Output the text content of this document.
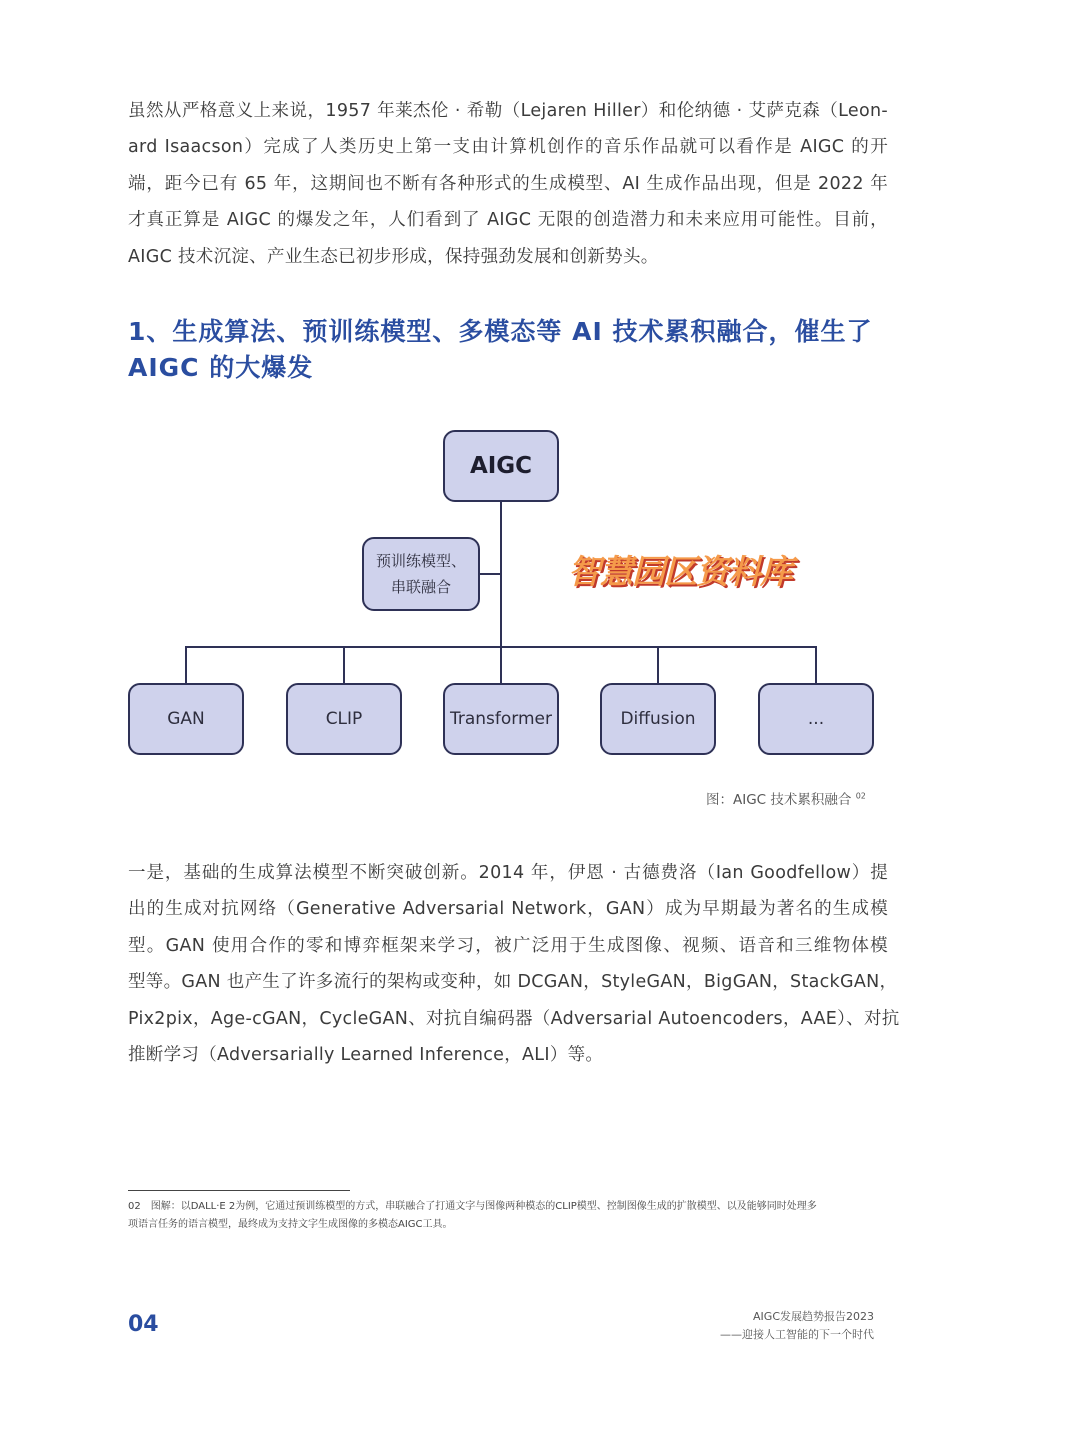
虽然从严格意义上来说，1957 年莱杰伦 · 希勒（Lejaren Hiller）和伦纳德 · 艾萨克森（Leon-
ard Isaacson）完成了人类历史上第一支由计算机创作的音乐作品就可以看作是 AIGC 的开
端，距今已有 65 年，这期间也不断有各种形式的生成模型、AI 生成作品出现，但是 2022 年
才真正算是 AIGC 的爆发之年，人们看到了 AIGC 无限的创造潜力和未来应用可能性。目前，
AIGC 技术沉淀、产业生态已初步形成，保持强劲发展和创新势头。
1、生成算法、预训练模型、多模态等 AI 技术累积融合，催生了
AIGC 的大爆发
AIGC
预训练模型、
串联融合
GAN	CLIP	Transformer	Diffusion	...
智慧园区资料库
图：AIGC 技术累积融合 $^{02}$
一是，基础的生成算法模型不断突破创新。2014 年，伊恩 · 古德费洛（Ian Goodfellow）提
出的生成对抗网络（Generative Adversarial Network，GAN）成为早期最为著名的生成模
型。GAN 使用合作的零和博弈框架来学习，被广泛用于生成图像、视频、语音和三维物体模
型等。GAN 也产生了许多流行的架构或变种，如 DCGAN，StyleGAN，BigGAN，StackGAN，
Pix2pix，Age-cGAN，CycleGAN、对抗自编码器（Adversarial Autoencoders，AAE）、对抗
推断学习（Adversarially Learned Inference，ALI）等。
02　图解：以DALL·E 2为例，它通过预训练模型的方式，串联融合了打通文字与图像两种模态的CLIP模型、控制图像生成的扩散模型、以及能够同时处理多
项语言任务的语言模型，最终成为支持文字生成图像的多模态AIGC工具。
04	AIGC发展趋势报告2023
——迎接人工智能的下一个时代
